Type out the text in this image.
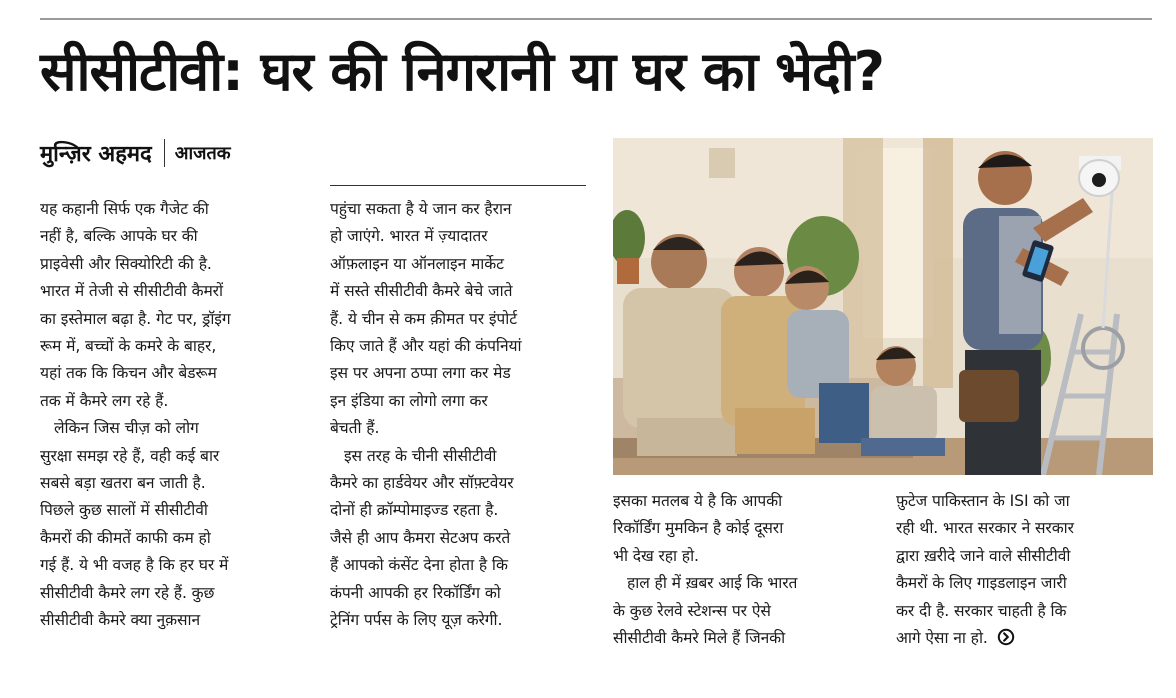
सीसीटीवी: घर की निगरानी या घर का भेदी?
मुन्ज़िर अहमद आजतक

यह कहानी सिर्फ एक गैजेट की
नहीं है, बल्कि आपके घर की
प्राइवेसी और सिक्योरिटी की है.
भारत में तेजी से सीसीटीवी कैमरों
का इस्तेमाल बढ़ा है. गेट पर, ड्रॉइंग
रूम में, बच्चों के कमरे के बाहर,
यहां तक कि किचन और बेडरूम
तक में कैमरे लग रहे हैं.

लेकिन जिस चीज़ को लोग
सुरक्षा समझ रहे हैं, वही कई बार
सबसे बड़ा खतरा बन जाती है.
पिछले कुछ सालों में सीसीटीवी
कैमरों की कीमतें काफी कम हो
गई हैं. ये भी वजह है कि हर घर में
सीसीटीवी कैमरे लग रहे हैं. कुछ
सीसीटीवी कैमरे क्या नुक़सान

पहुंचा सकता है ये जान कर हैरान
हो जाएंगे. भारत में ज़्यादातर
ऑफ़लाइन या ऑनलाइन मार्केट
में सस्ते सीसीटीवी कैमरे बेचे जाते
हैं. ये चीन से कम क़ीमत पर इंपोर्ट
किए जाते हैं और यहां की कंपनियां
इस पर अपना ठप्पा लगा कर मेड
इन इंडिया का लोगो लगा कर
बेचती हैं.

इस तरह के चीनी सीसीटीवी
कैमरे का हार्डवेयर और सॉफ़्टवेयर
दोनों ही क्रॉम्पोमाइज्ड रहता है.
जैसे ही आप कैमरा सेटअप करते
हैं आपको कंसेंट देना होता है कि
कंपनी आपकी हर रिकॉर्डिंग को
ट्रेनिंग पर्पस के लिए यूज़ करेगी.

इसका मतलब ये है कि आपकी
रिकॉर्डिंग मुमकिन है कोई दूसरा
भी देख रहा हो.

हाल ही में ख़बर आई कि भारत
के कुछ रेलवे स्टेशन्स पर ऐसे
सीसीटीवी कैमरे मिले हैं जिनकी

फ़ुटेज पाकिस्तान के ISI को जा
रही थी. भारत सरकार ने सरकार
द्वारा ख़रीदे जाने वाले सीसीटीवी
कैमरों के लिए गाइडलाइन जारी
कर दी है. सरकार चाहती है कि
आगे ऐसा ना हो.
